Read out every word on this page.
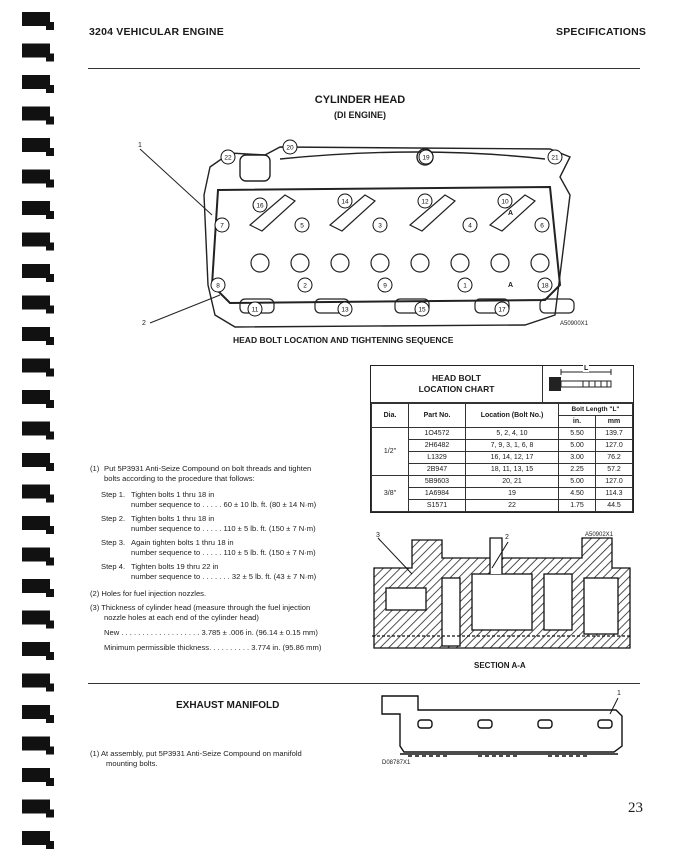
3204 VEHICULAR ENGINE	SPECIFICATIONS
CYLINDER HEAD
(DI ENGINE)
22
20
19	21
16
14	12	10
7	5	3	4	6
8	2	9	1
11	13	15	17
18
1
2
A
A
A50900X1
HEAD BOLT LOCATION AND TIGHTENING SEQUENCE
HEAD BOLT
LOCATION CHART
L
Dia.	Part No.	Location (Bolt No.)	Bolt Length "L"	
			in.	mm
1/2"	1O4572	5, 2, 4, 10	5.50	139.7
	2H6482	7, 9, 3, 1, 6, 8	5.00	127.0
	L1329	16, 14, 12, 17	3.00	76.2
	2B947	18, 11, 13, 15	2.25	57.2
3/8"	5B9603	20, 21	5.00	127.0
	1A6984	19	4.50	114.3
	S1571	22	1.75	44.5
(1) Put 5P3931 Anti-Seize Compound on bolt threads and tighten
bolts according to the procedure that follows:
Step 1. Tighten bolts 1 thru 18 in
number sequence to . . . . . 60 ± 10 lb. ft. (80 ± 14 N·m)
Step 2. Tighten bolts 1 thru 18 in
number sequence to . . . . . 110 ± 5 lb. ft. (150 ± 7 N·m)
Step 3. Again tighten bolts 1 thru 18 in
number sequence to . . . . . 110 ± 5 lb. ft. (150 ± 7 N·m)
Step 4. Tighten bolts 19 thru 22 in
number sequence to . . . . . . . 32 ± 5 lb. ft. (43 ± 7 N·m)
(2) Holes for fuel injection nozzles.
(3) Thickness of cylinder head (measure through the fuel injection
nozzle holes at each end of the cylinder head)
New . . . . . . . . . . . . . . . . . . . 3.785 ± .006 in. (96.14 ± 0.15 mm)
Minimum permissible thickness. . . . . . . . . . 3.774 in. (95.86 mm)
3	2	A50902X1
SECTION A-A
EXHAUST MANIFOLD
(1) At assembly, put 5P3931 Anti-Seize Compound on manifold
mounting bolts.
1
D08787X1
23
